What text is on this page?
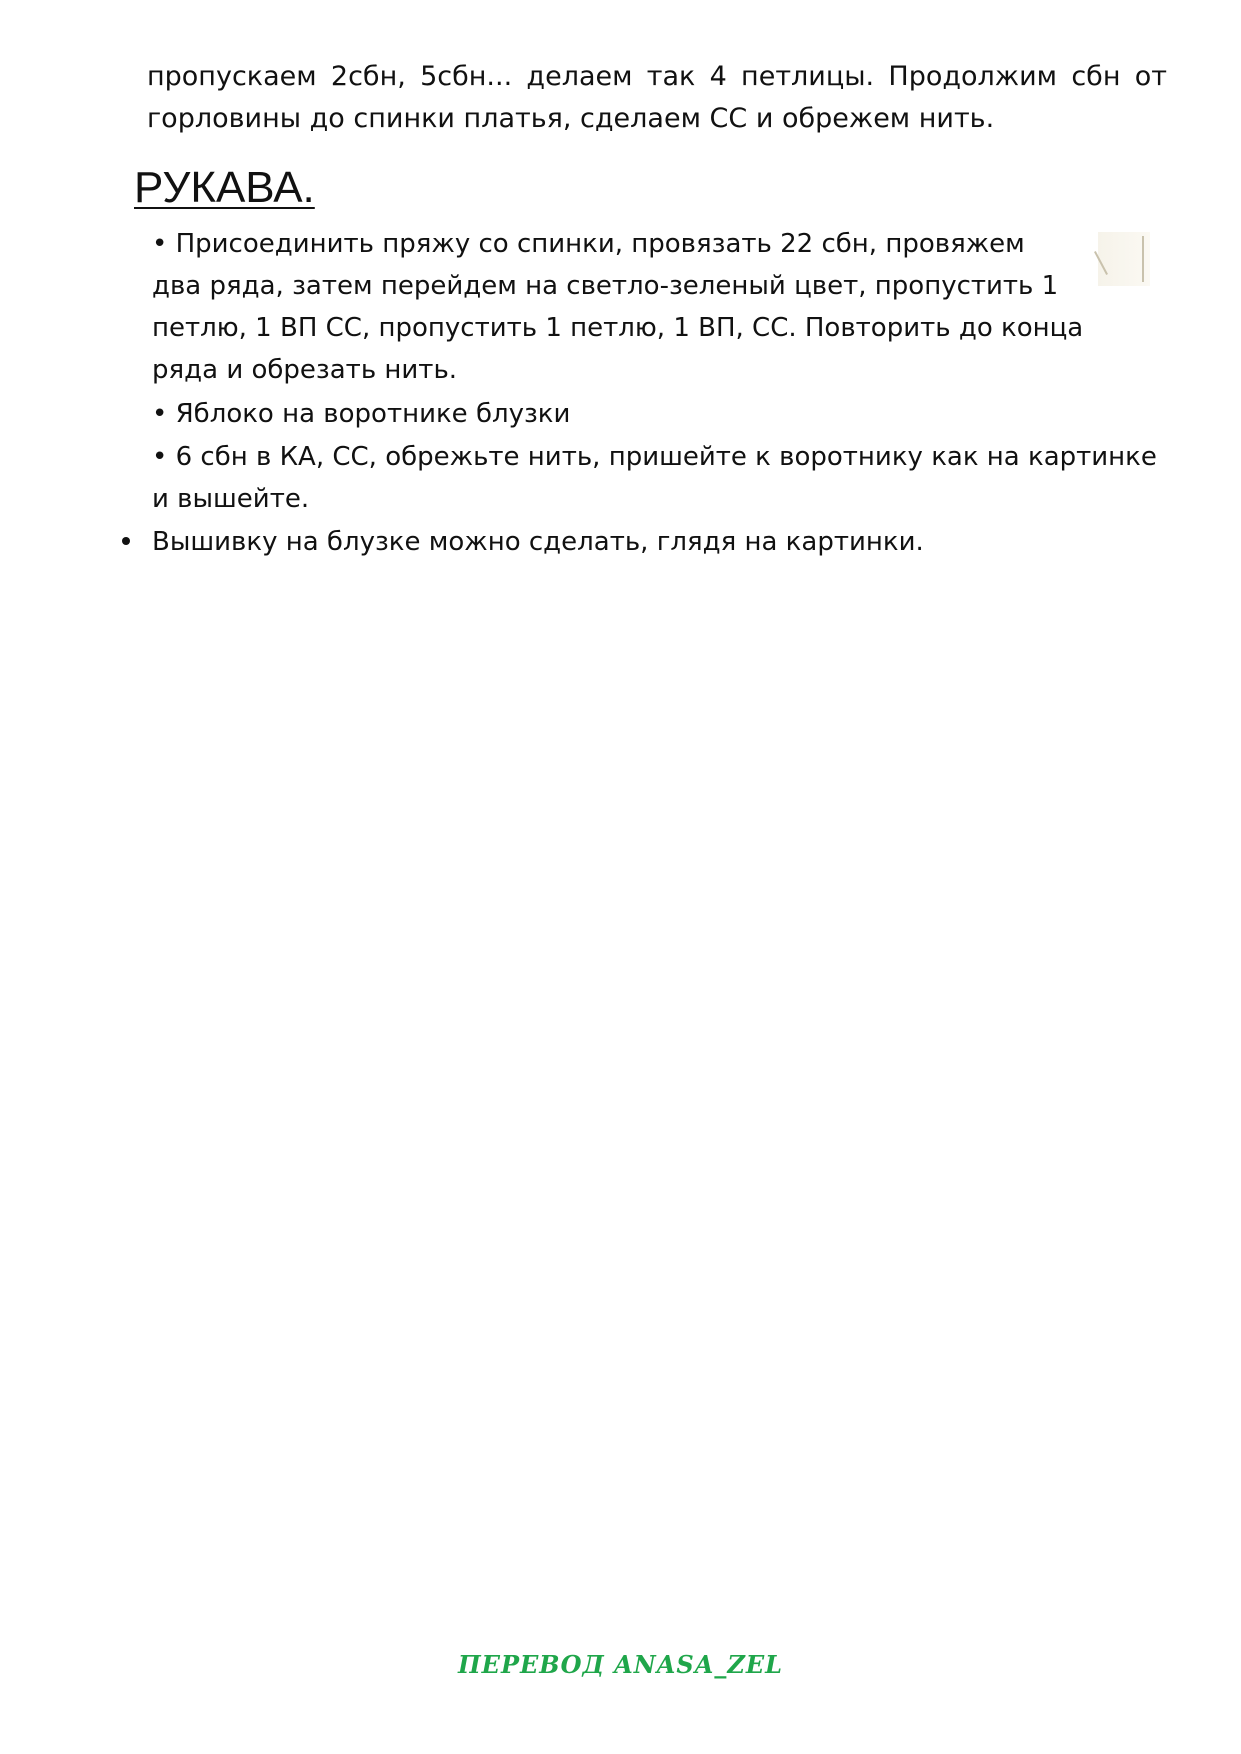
пропускаем 2сбн, 5сбн... делаем так 4 петлицы. Продолжим сбн от
горловины до спинки платья, сделаем СС и обрежем нить.
РУКАВА.
• Присоединить пряжу со спинки, провязать 22 сбн, провяжем
два ряда, затем перейдем на светло-зеленый цвет, пропустить 1
петлю, 1 ВП СС, пропустить 1 петлю, 1 ВП, СС. Повторить до конца
ряда и обрезать нить.
• Яблоко на воротнике блузки
• 6 сбн в КА, СС, обрежьте нить, пришейте к воротнику как на картинке
и вышейте.
Вышивку на блузке можно сделать, глядя на картинки.
ПЕРЕВОД ANASA_ZEL
